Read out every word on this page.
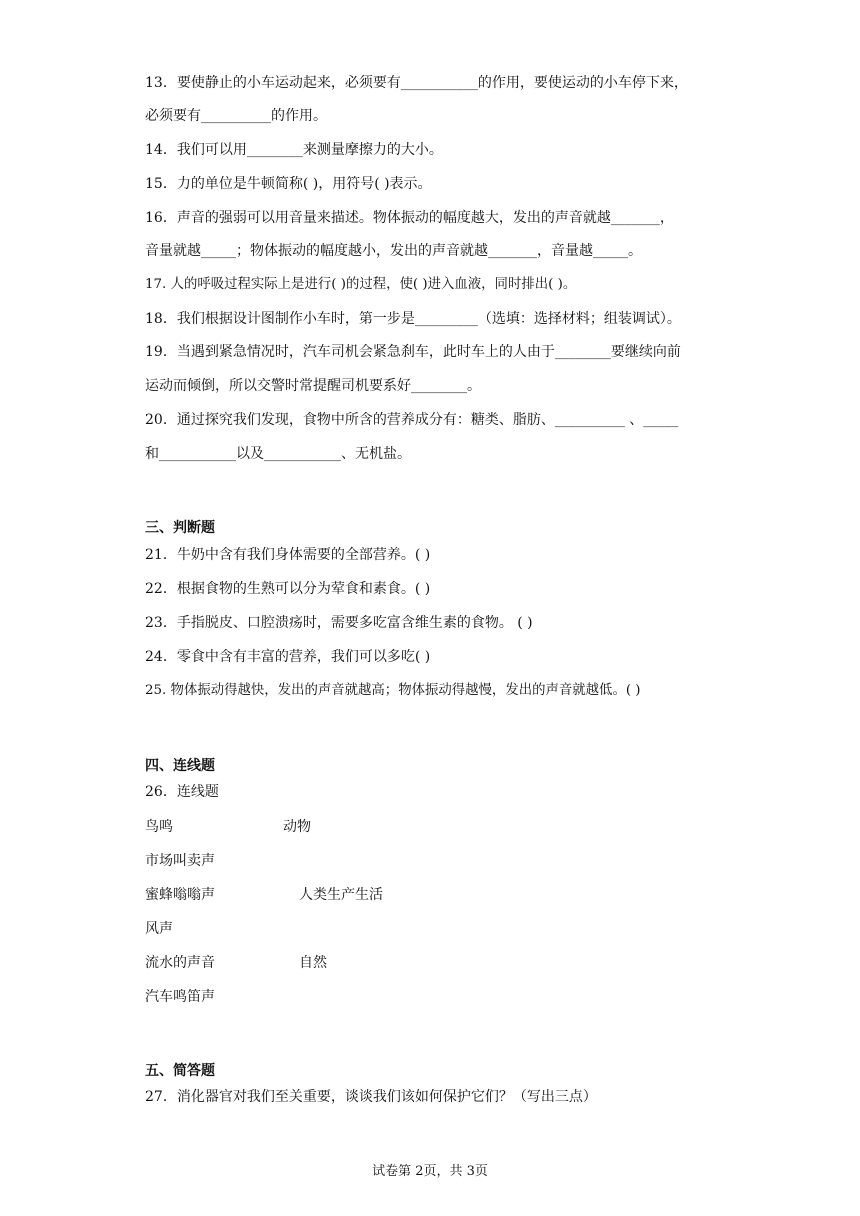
13．要使静止的小车运动起来，必须要有___________的作用，要使运动的小车停下来，
必须要有__________的作用。
14．我们可以用________来测量摩擦力的大小。
15．力的单位是牛顿简称( )，用符号( )表示。
16．声音的强弱可以用音量来描述。物体振动的幅度越大，发出的声音就越_______，
音量就越_____；物体振动的幅度越小，发出的声音就越_______，音量越_____。
17. 人的呼吸过程实际上是进行( )的过程，使( )进入血液，同时排出( )。
18．我们根据设计图制作小车时，第一步是_________（选填：选择材料；组装调试）。
19．当遇到紧急情况时，汽车司机会紧急刹车，此时车上的人由于________要继续向前
运动而倾倒，所以交警时常提醒司机要系好________。
20．通过探究我们发现，食物中所含的营养成分有：糖类、脂肪、__________ 、_____
和___________以及___________、无机盐。
三、判断题
21．牛奶中含有我们身体需要的全部营养。( )
22．根据食物的生熟可以分为荤食和素食。( )
23．手指脱皮、口腔溃疡时，需要多吃富含维生素的食物。 ( )
24．零食中含有丰富的营养，我们可以多吃( )
25. 物体振动得越快，发出的声音就越高；物体振动得越慢，发出的声音就越低。( )
四、连线题
26．连线题
鸟鸣	动物
市场叫卖声
蜜蜂嗡嗡声	人类生产生活
风声
流水的声音	自然
汽车鸣笛声
五、简答题
27．消化器官对我们至关重要，谈谈我们该如何保护它们？（写出三点）
试卷第 2页，共 3页
